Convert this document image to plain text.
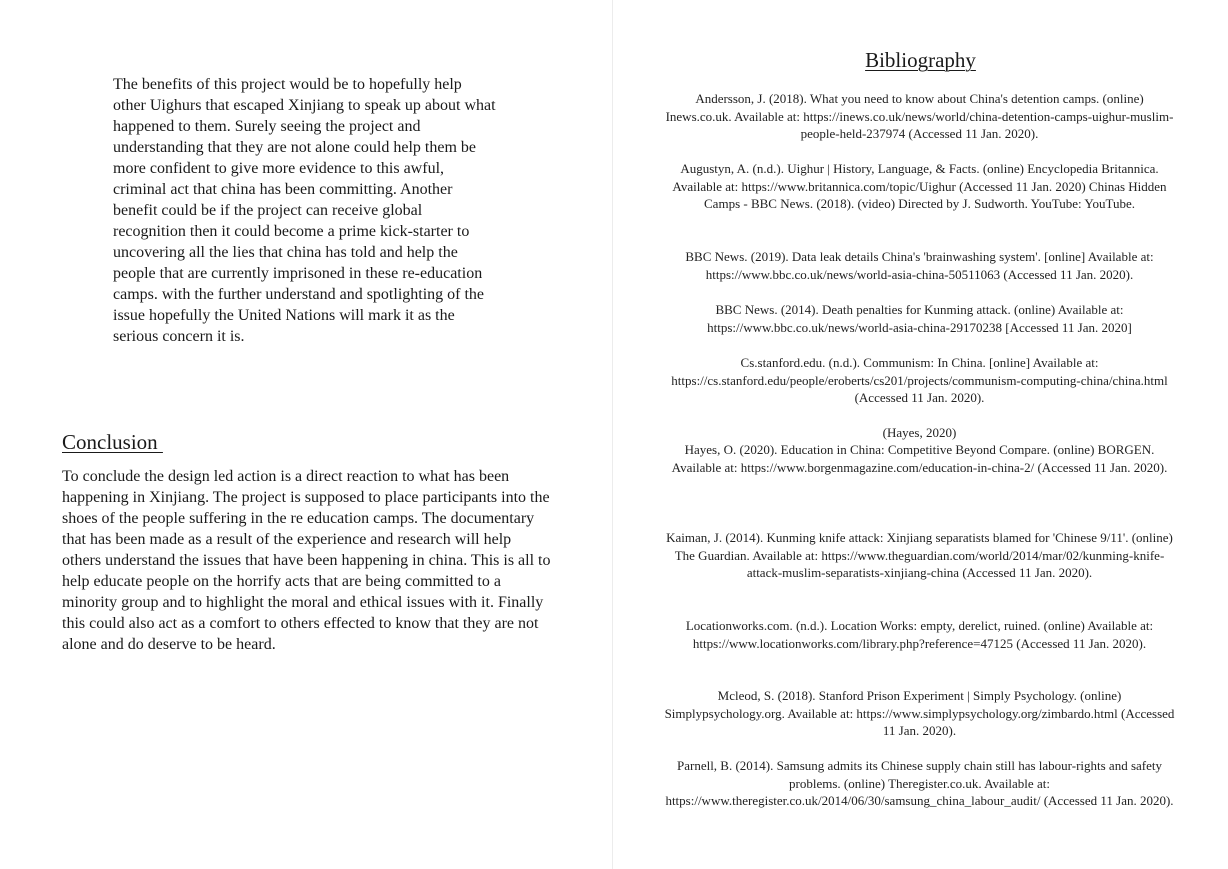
The benefits of this project would be to hopefully help other Uighurs that escaped Xinjiang to speak up about what happened to them. Surely seeing the project and understanding that they are not alone could help them be more confident to give more evidence to this awful, criminal act that china has been committing. Another benefit could be if the project can receive global recognition then it could become a prime kick-starter to uncovering all the lies that china has told and help the people that are currently imprisoned in these re-education camps. with the further understand and spotlighting of the issue hopefully the United Nations will mark it as the serious concern it is.

Conclusion

To conclude the design led action is a direct reaction to what has been happening in Xinjiang. The project is supposed to place participants into the shoes of the people suffering in the re education camps. The documentary that has been made as a result of the experience and research will help others understand the issues that have been happening in china. This is all to help educate people on the horrify acts that are being committed to a minority group and to highlight the moral and ethical issues with it. Finally this could also act as a comfort to others effected to know that they are not alone and do deserve to be heard.

Bibliography

Andersson, J. (2018). What you need to know about China's detention camps. (online) Inews.co.uk. Available at: https://inews.co.uk/news/world/china-detention-camps-uighur-muslim-people-held-237974 (Accessed 11 Jan. 2020).

Augustyn, A. (n.d.). Uighur | History, Language, & Facts. (online) Encyclopedia Britannica. Available at: https://www.britannica.com/topic/Uighur (Accessed 11 Jan. 2020) Chinas Hidden Camps - BBC News. (2018). (video) Directed by J. Sudworth. YouTube: YouTube.

BBC News. (2019). Data leak details China's 'brainwashing system'. [online] Available at: https://www.bbc.co.uk/news/world-asia-china-50511063 (Accessed 11 Jan. 2020).

BBC News. (2014). Death penalties for Kunming attack. (online) Available at: https://www.bbc.co.uk/news/world-asia-china-29170238 [Accessed 11 Jan. 2020]

Cs.stanford.edu. (n.d.). Communism: In China. [online] Available at: https://cs.stanford.edu/people/eroberts/cs201/projects/communism-computing-china/china.html (Accessed 11 Jan. 2020).

(Hayes, 2020)

Hayes, O. (2020). Education in China: Competitive Beyond Compare. (online) BORGEN. Available at: https://www.borgenmagazine.com/education-in-china-2/ (Accessed 11 Jan. 2020).

Kaiman, J. (2014). Kunming knife attack: Xinjiang separatists blamed for 'Chinese 9/11'. (online) The Guardian. Available at: https://www.theguardian.com/world/2014/mar/02/kunming-knife-attack-muslim-separatists-xinjiang-china (Accessed 11 Jan. 2020).

Locationworks.com. (n.d.). Location Works: empty, derelict, ruined. (online) Available at: https://www.locationworks.com/library.php?reference=47125 (Accessed 11 Jan. 2020).

Mcleod, S. (2018). Stanford Prison Experiment | Simply Psychology. (online) Simplypsychology.org. Available at: https://www.simplypsychology.org/zimbardo.html (Accessed 11 Jan. 2020).

Parnell, B. (2014). Samsung admits its Chinese supply chain still has labour-rights and safety problems. (online) Theregister.co.uk. Available at: https://www.theregister.co.uk/2014/06/30/samsung_china_labour_audit/ (Accessed 11 Jan. 2020).
